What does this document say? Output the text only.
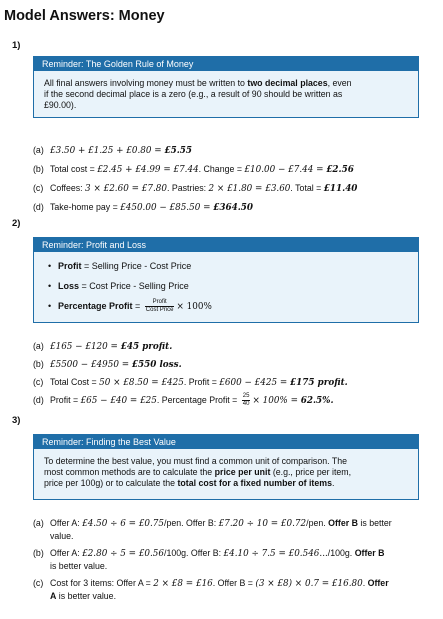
Model Answers: Money
1)
Reminder: The Golden Rule of Money
All final answers involving money must be written to two decimal places, even
if the second decimal place is a zero (e.g., a result of 90 should be written as
£90.00).
(a) £3.50 + £1.25 + £0.80 = £5.55
(b) Total cost = £2.45 + £4.99 = £7.44. Change = £10.00 − £7.44 = £2.56
(c) Coffees: 3 × £2.60 = £7.80. Pastries: 2 × £1.80 = £3.60. Total = £11.40
(d) Take-home pay = £450.00 − £85.50 = £364.50
2)
Reminder: Profit and Loss
• Profit = Selling Price - Cost Price
• Loss = Cost Price - Selling Price
• Percentage Profit = $\frac{\text{Profit}}{\text{Cost Price}} \times 100\%$
(a) £165 − £120 = £45 profit.
(b) £5500 − £4950 = £550 loss.
(c) Total Cost = 50 × £8.50 = £425. Profit = £600 − £425 = £175 profit.
(d) Profit = £65 − £40 = £25. Percentage Profit = $\frac{25}{40} \times 100\% = 62.5\%$.
3)
Reminder: Finding the Best Value
To determine the best value, you must find a common unit of comparison. The
most common methods are to calculate the price per unit (e.g., price per item,
price per 100g) or to calculate the total cost for a fixed number of items.
(a) Offer A: £4.50 ÷ 6 = £0.75/pen. Offer B: £7.20 ÷ 10 = £0.72/pen. Offer B is better
value.
(b) Offer A: £2.80 ÷ 5 = £0.56/100g. Offer B: £4.10 ÷ 7.5 = £0.546.../100g. Offer B
is better value.
(c) Cost for 3 items: Offer A = 2 × £8 = £16. Offer B = (3 × £8) × 0.7 = £16.80. Offer
A is better value.
